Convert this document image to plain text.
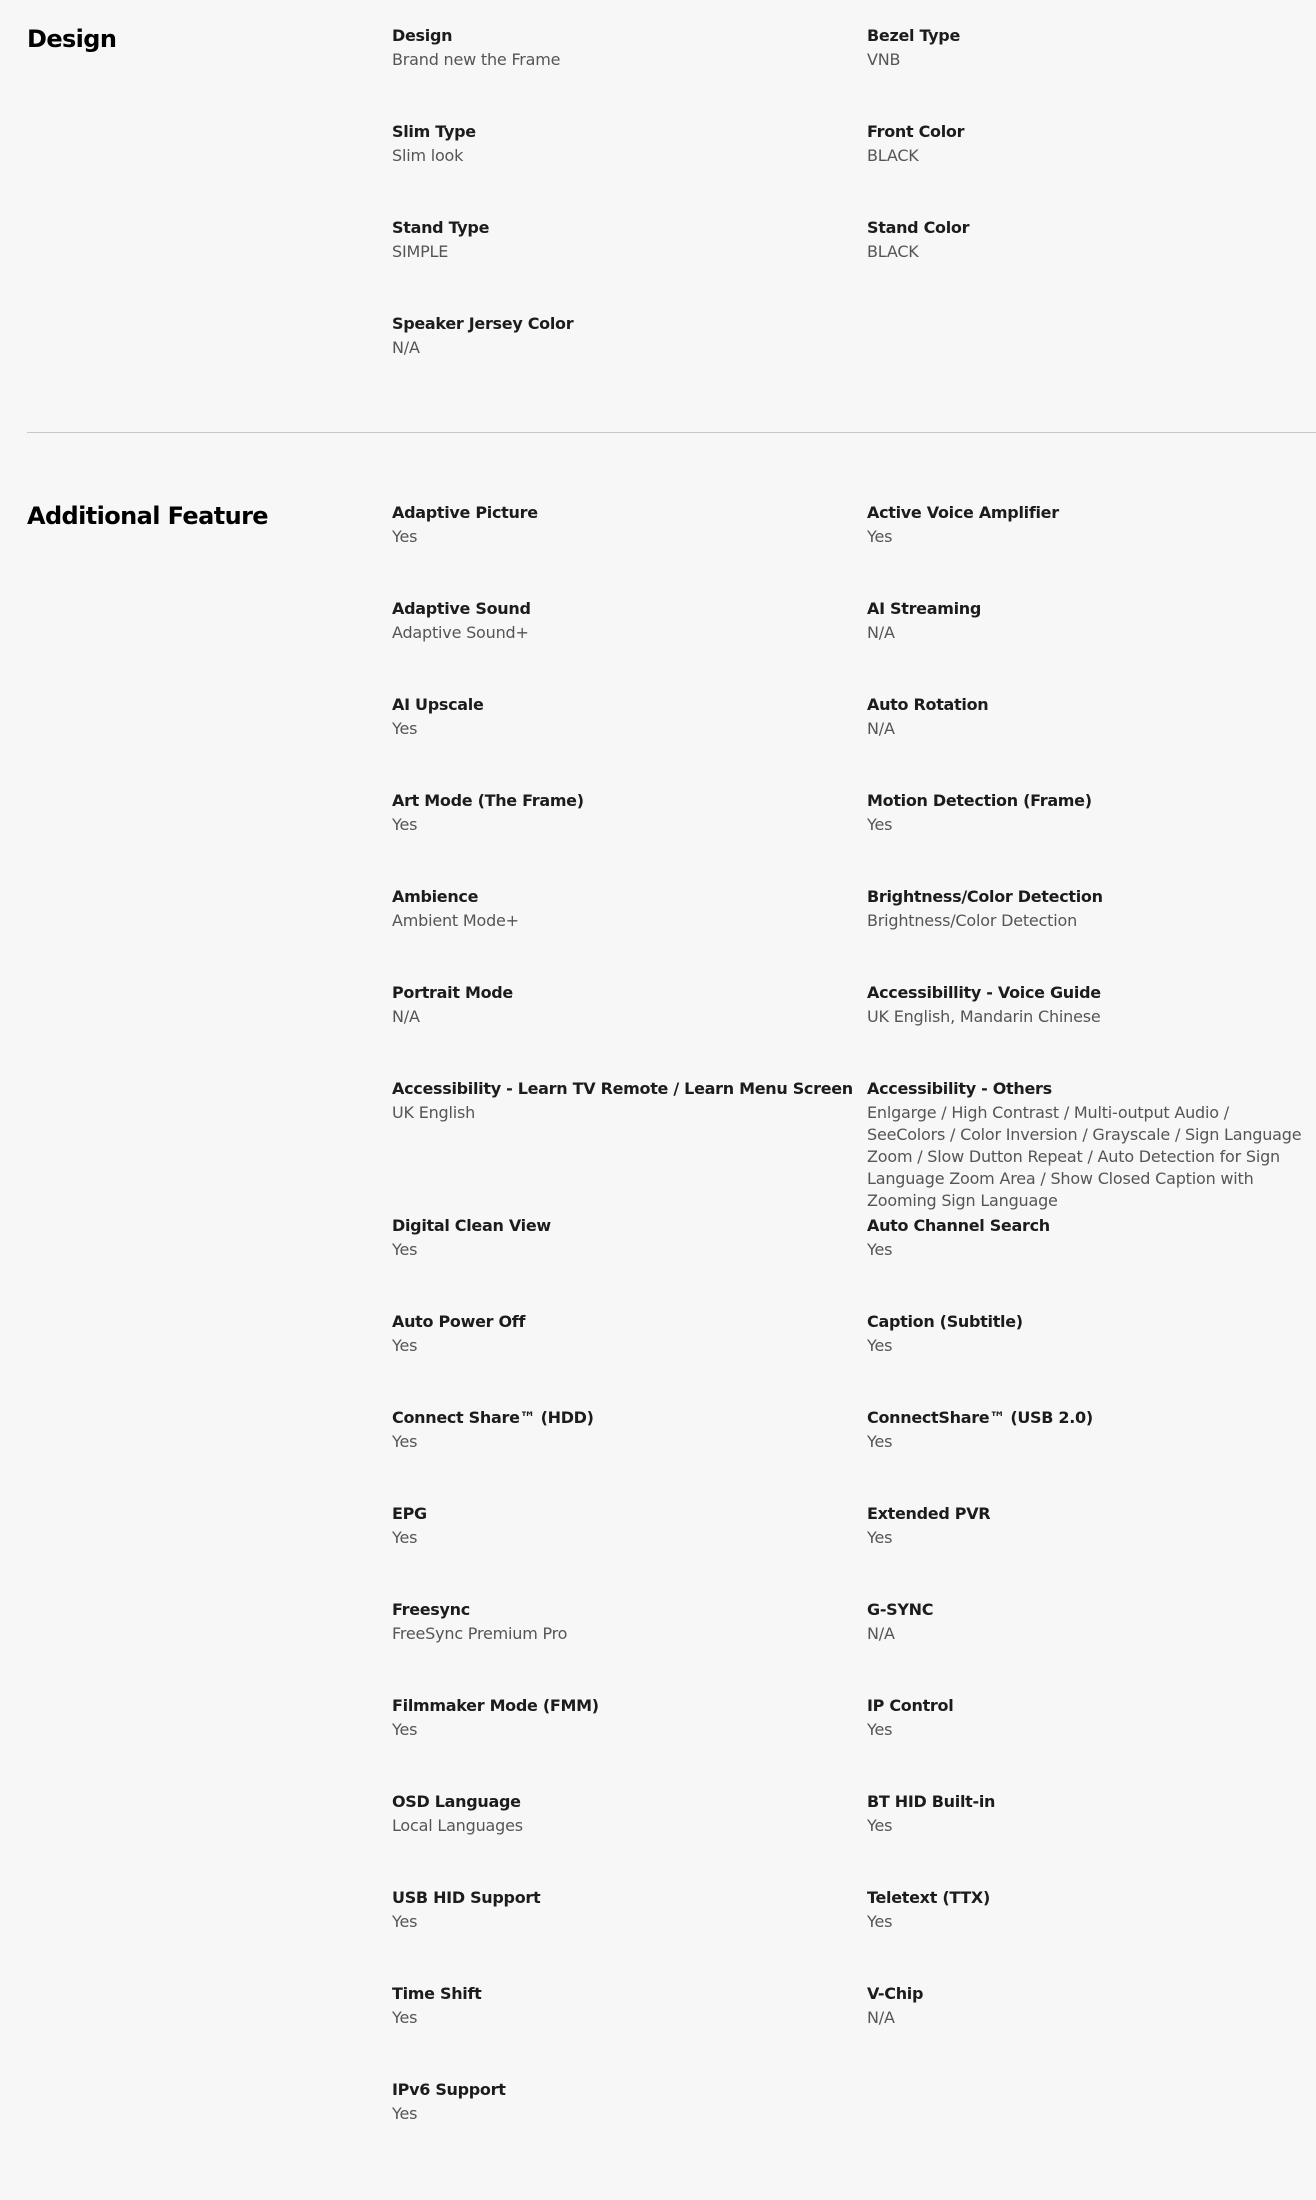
Design	Design
Brand new the Frame
Bezel Type
VNB
Slim Type
Slim look
Front Color
BLACK
Stand Type
SIMPLE
Stand Color
BLACK
Speaker Jersey Color
N/A
Additional Feature	Adaptive Picture
Yes
Active Voice Amplifier
Yes
Adaptive Sound
Adaptive Sound+
AI Streaming
N/A
AI Upscale
Yes
Auto Rotation
N/A
Art Mode (The Frame)
Yes
Motion Detection (Frame)
Yes
Ambience
Ambient Mode+
Brightness/Color Detection
Brightness/Color Detection
Portrait Mode
N/A
Accessibillity - Voice Guide
UK English, Mandarin Chinese
Accessibility - Learn TV Remote / Learn Menu Screen
UK English
Accessibility - Others
Enlgarge / High Contrast / Multi-output Audio / SeeColors / Color Inversion / Grayscale / Sign Language Zoom / Slow Dutton Repeat / Auto Detection for Sign Language Zoom Area / Show Closed Caption with Zooming Sign Language
Digital Clean View
Yes
Auto Channel Search
Yes
Auto Power Off
Yes
Caption (Subtitle)
Yes
Connect Share™ (HDD)
Yes
ConnectShare™ (USB 2.0)
Yes
EPG
Yes
Extended PVR
Yes
Freesync
FreeSync Premium Pro
G-SYNC
N/A
Filmmaker Mode (FMM)
Yes
IP Control
Yes
OSD Language
Local Languages
BT HID Built-in
Yes
USB HID Support
Yes
Teletext (TTX)
Yes
Time Shift
Yes
V-Chip
N/A
IPv6 Support
Yes
